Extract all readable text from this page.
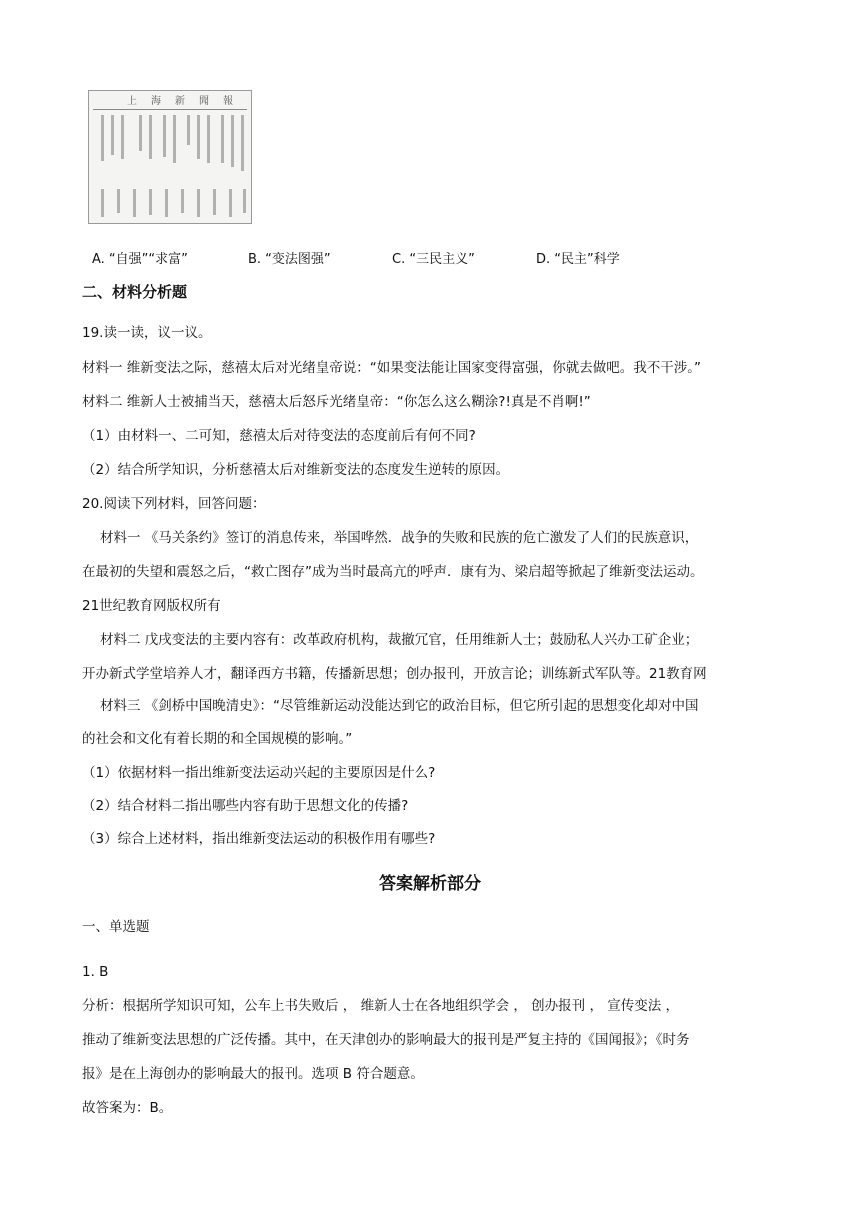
上海新聞報
A. “自强”“求富”	B. “变法图强”	C. “三民主义”	D. “民主”科学
二、材料分析题
19.读一读，议一议。
材料一 维新变法之际，慈禧太后对光绪皇帝说：“如果变法能让国家变得富强，你就去做吧。我不干涉。”
材料二 维新人士被捕当天，慈禧太后怒斥光绪皇帝：“你怎么这么糊涂?!真是不肖啊!”
（1）由材料一、二可知，慈禧太后对待变法的态度前后有何不同?
（2）结合所学知识，分析慈禧太后对维新变法的态度发生逆转的原因。
20.阅读下列材料，回答问题：
材料一 《马关条约》签订的消息传来，举国哗然．战争的失败和民族的危亡激发了人们的民族意识，
在最初的失望和震怒之后，“救亡图存”成为当时最高亢的呼声．康有为、梁启超等掀起了维新变法运动。
21世纪教育网版权所有
材料二 戊戌变法的主要内容有：改革政府机构，裁撤冗官，任用维新人士；鼓励私人兴办工矿企业；
开办新式学堂培养人才，翻译西方书籍，传播新思想；创办报刊，开放言论；训练新式军队等。21教育网
材料三 《剑桥中国晚清史》：“尽管维新运动没能达到它的政治目标，但它所引起的思想变化却对中国
的社会和文化有着长期的和全国规模的影响。”
（1）依据材料一指出维新变法运动兴起的主要原因是什么?
（2）结合材料二指出哪些内容有助于思想文化的传播?
（3）综合上述材料，指出维新变法运动的积极作用有哪些?
答案解析部分
一、单选题
1. B
分析：根据所学知识可知，公车上书失败后 ， 维新人士在各地组织学会 ， 创办报刊 ， 宣传变法 ，
推动了维新变法思想的广泛传播。其中，在天津创办的影响最大的报刊是严复主持的《国闻报》；《时务
报》是在上海创办的影响最大的报刊。选项 B 符合题意。
故答案为：B。
